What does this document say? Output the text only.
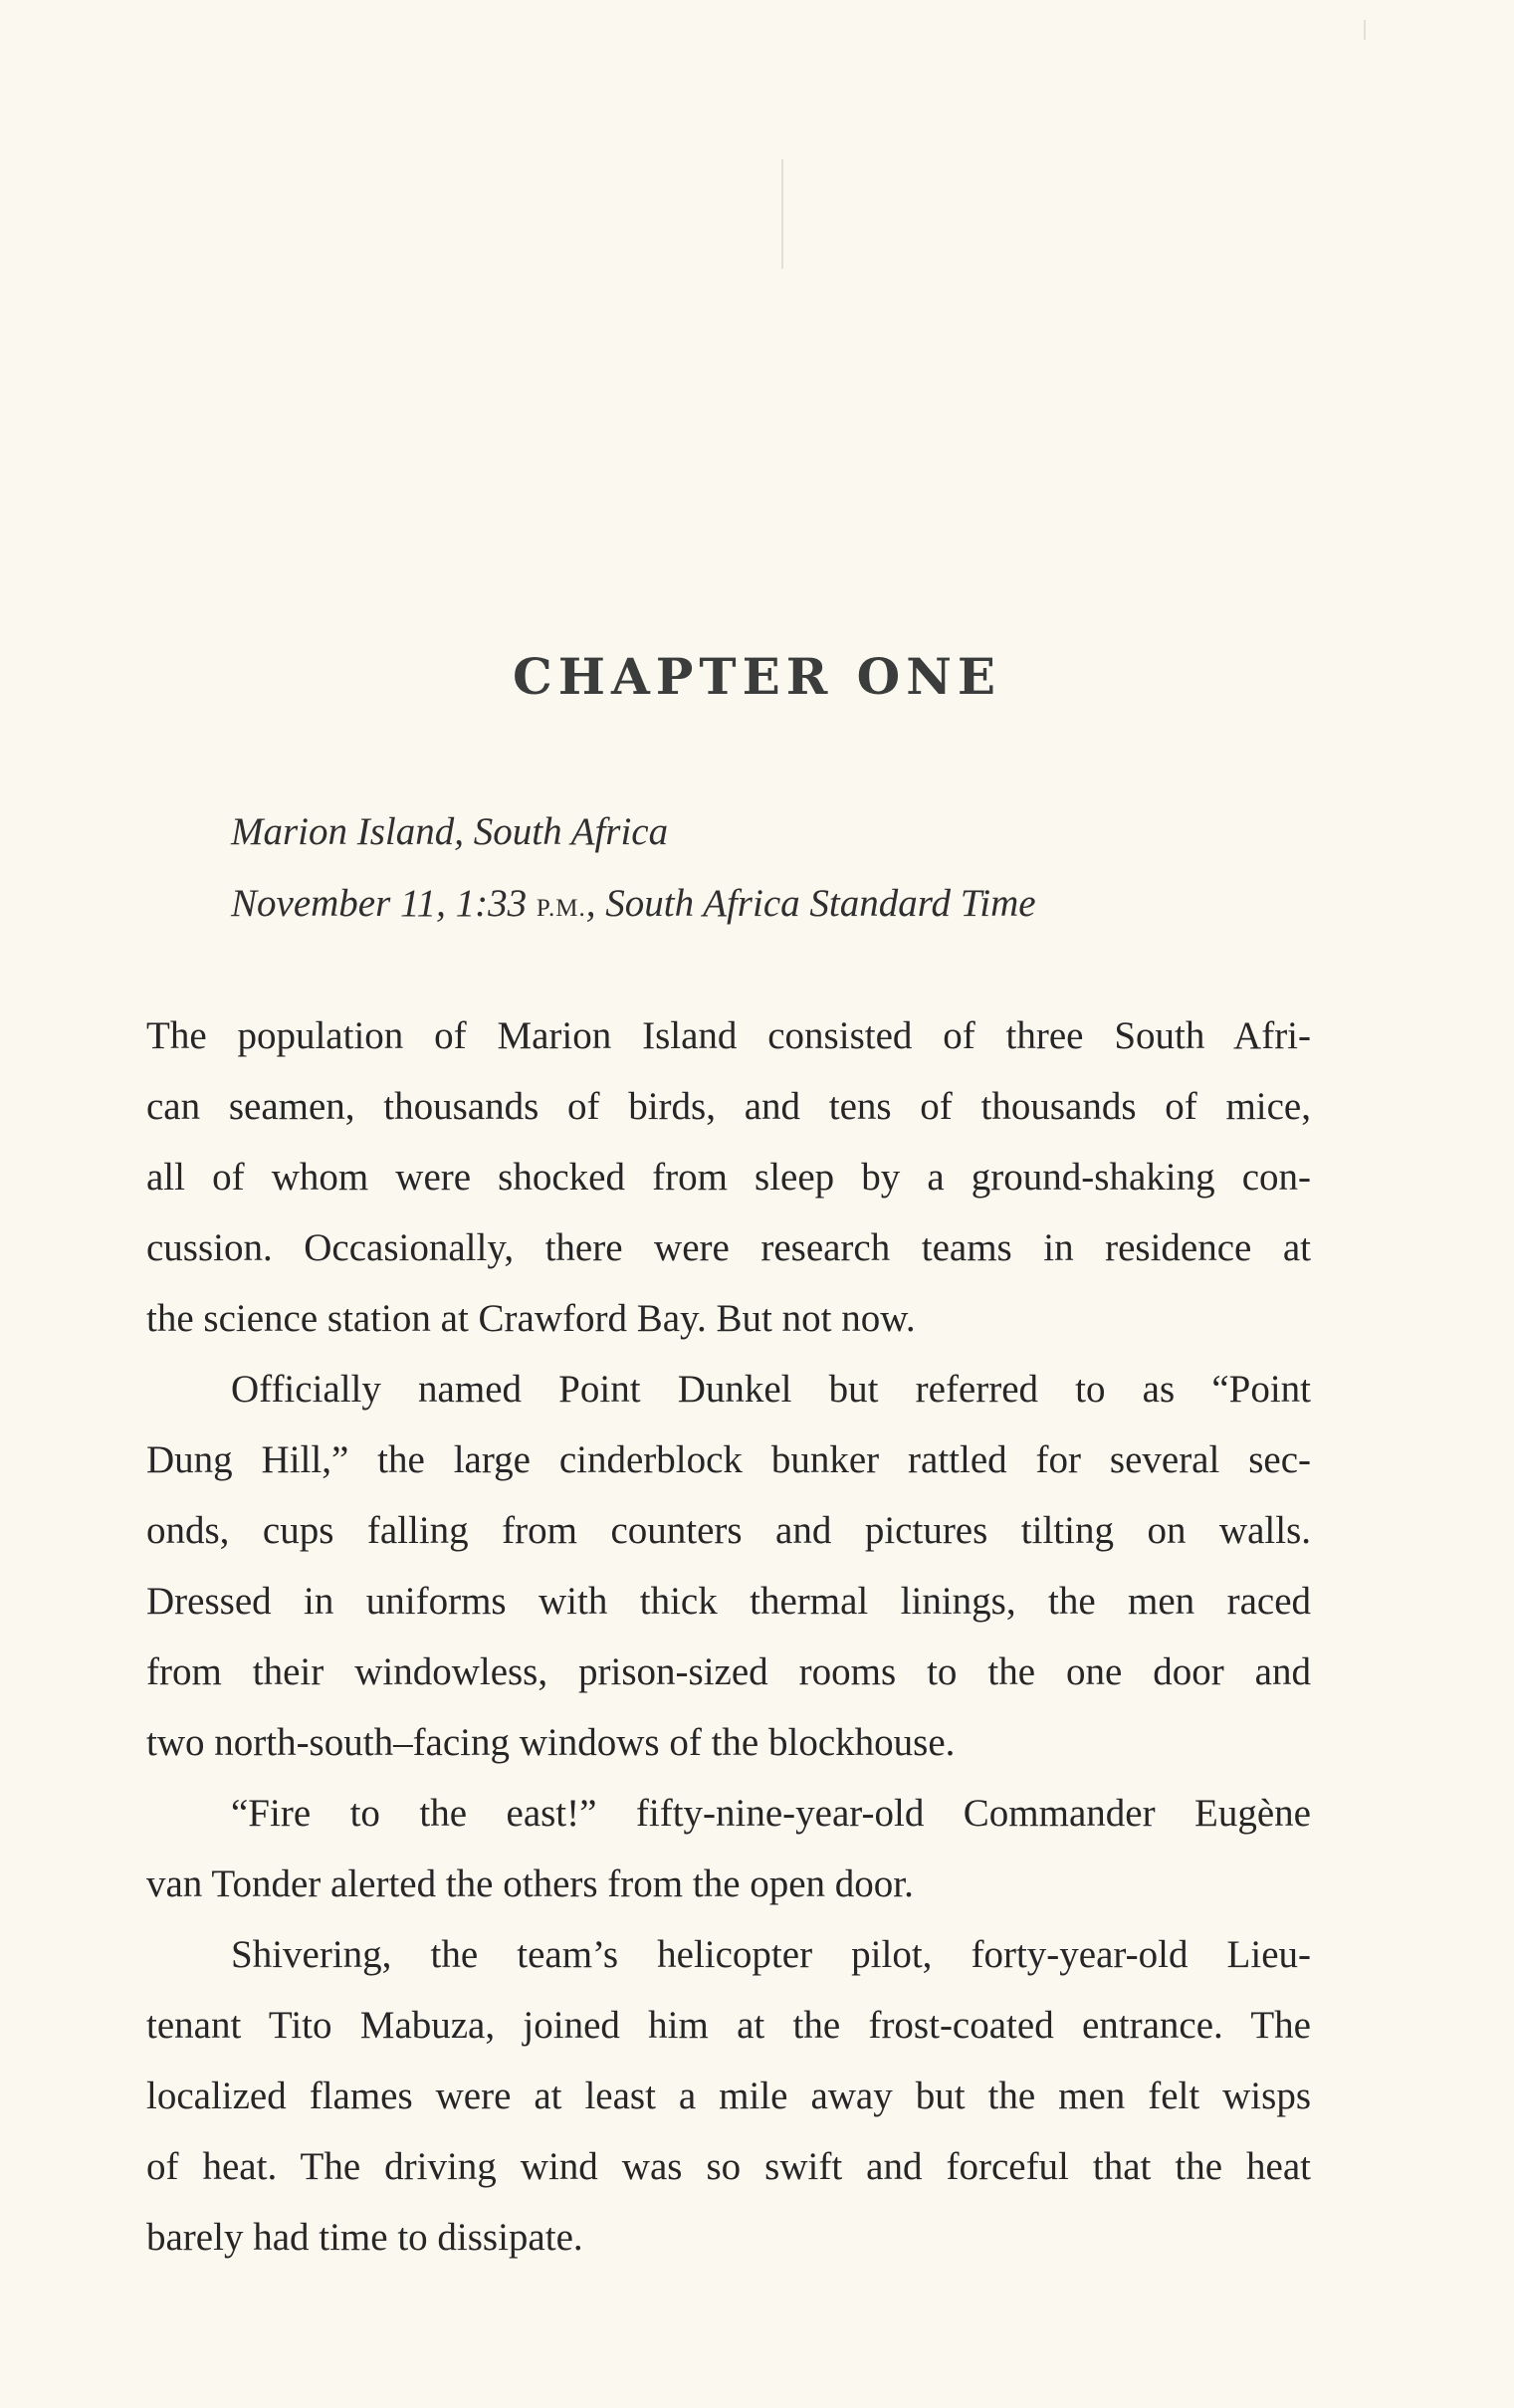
CHAPTER ONE
Marion Island, South Africa
November 11, 1:33 P.M., South Africa Standard Time
The population of Marion Island consisted of three South Afri-
can seamen, thousands of birds, and tens of thousands of mice,
all of whom were shocked from sleep by a ground-shaking con-
cussion. Occasionally, there were research teams in residence at
the science station at Crawford Bay. But not now.
Officially named Point Dunkel but referred to as “Point
Dung Hill,” the large cinderblock bunker rattled for several sec-
onds, cups falling from counters and pictures tilting on walls.
Dressed in uniforms with thick thermal linings, the men raced
from their windowless, prison-sized rooms to the one door and
two north-south–facing windows of the blockhouse.
“Fire to the east!” fifty-nine-year-old Commander Eugène
van Tonder alerted the others from the open door.
Shivering, the team’s helicopter pilot, forty-year-old Lieu-
tenant Tito Mabuza, joined him at the frost-coated entrance. The
localized flames were at least a mile away but the men felt wisps
of heat. The driving wind was so swift and forceful that the heat
barely had time to dissipate.
